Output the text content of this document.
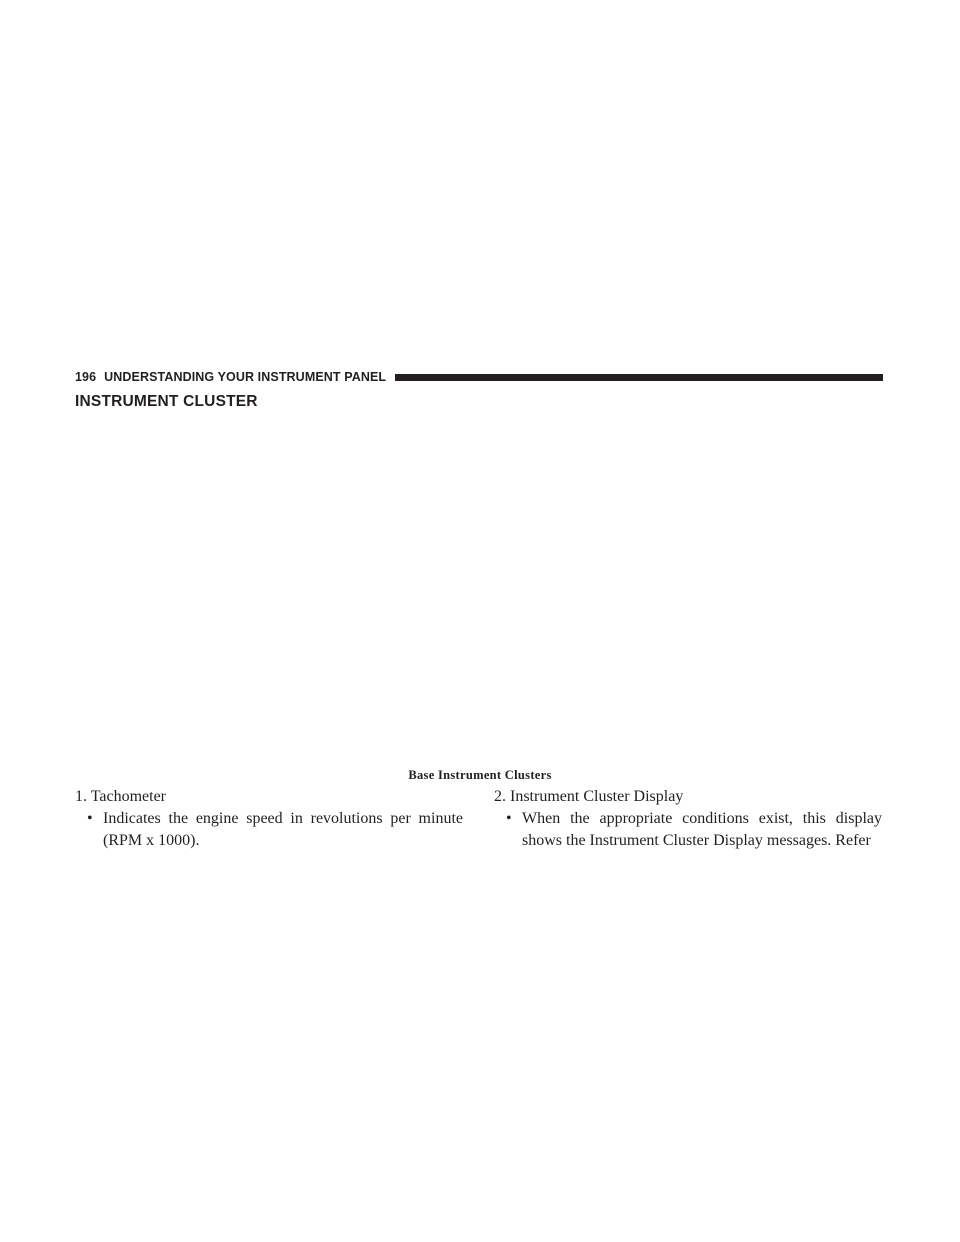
196 UNDERSTANDING YOUR INSTRUMENT PANEL
INSTRUMENT CLUSTER
Base Instrument Clusters

1. Tachometer

• Indicates the engine speed in revolutions per minute (RPM x 1000).

2. Instrument Cluster Display

• When the appropriate conditions exist, this display shows the Instrument Cluster Display messages. Refer
